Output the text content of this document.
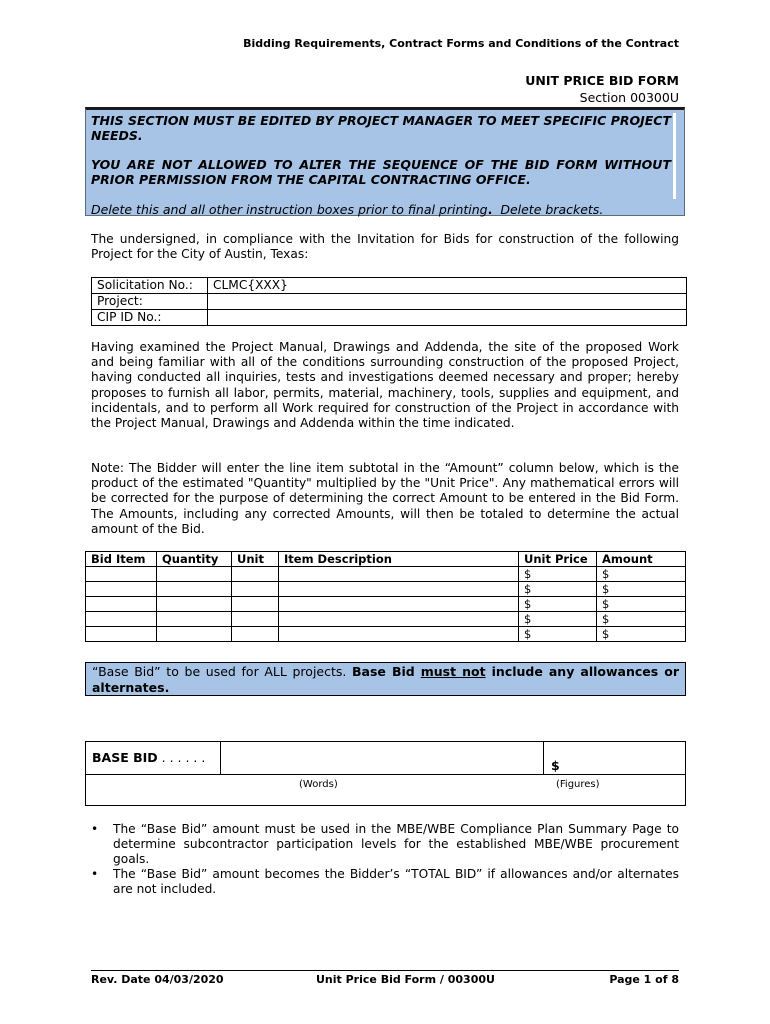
Bidding Requirements, Contract Forms and Conditions of the Contract
UNIT PRICE BID FORM
Section 00300U
THIS SECTION MUST BE EDITED BY PROJECT MANAGER TO MEET SPECIFIC PROJECT NEEDS.
YOU ARE NOT ALLOWED TO ALTER THE SEQUENCE OF THE BID FORM WITHOUT PRIOR PERMISSION FROM THE CAPITAL CONTRACTING OFFICE.
Delete this and all other instruction boxes prior to final printing. Delete brackets.
The undersigned, in compliance with the Invitation for Bids for construction of the following Project for the City of Austin, Texas:
Solicitation No.:	CLMC{XXX}
Project:	
CIP ID No.:	
Having examined the Project Manual, Drawings and Addenda, the site of the proposed Work and being familiar with all of the conditions surrounding construction of the proposed Project, having conducted all inquiries, tests and investigations deemed necessary and proper; hereby proposes to furnish all labor, permits, material, machinery, tools, supplies and equipment, and incidentals, and to perform all Work required for construction of the Project in accordance with the Project Manual, Drawings and Addenda within the time indicated.
Note: The Bidder will enter the line item subtotal in the “Amount” column below, which is the product of the estimated "Quantity" multiplied by the "Unit Price". Any mathematical errors will be corrected for the purpose of determining the correct Amount to be entered in the Bid Form. The Amounts, including any corrected Amounts, will then be totaled to determine the actual amount of the Bid.
Bid Item	Quantity	Unit	Item Description	Unit Price	Amount
				$	$
				$	$
				$	$
				$	$
				$	$
“Base Bid” to be used for ALL projects. Base Bid must not include any allowances or alternates.
BASE BID . . . . . .
$
(Words)	(Figures)
• The “Base Bid” amount must be used in the MBE/WBE Compliance Plan Summary Page to determine subcontractor participation levels for the established MBE/WBE procurement goals.
• The “Base Bid” amount becomes the Bidder’s “TOTAL BID” if allowances and/or alternates are not included.
Rev. Date 04/03/2020	Unit Price Bid Form / 00300U	Page 1 of 8
